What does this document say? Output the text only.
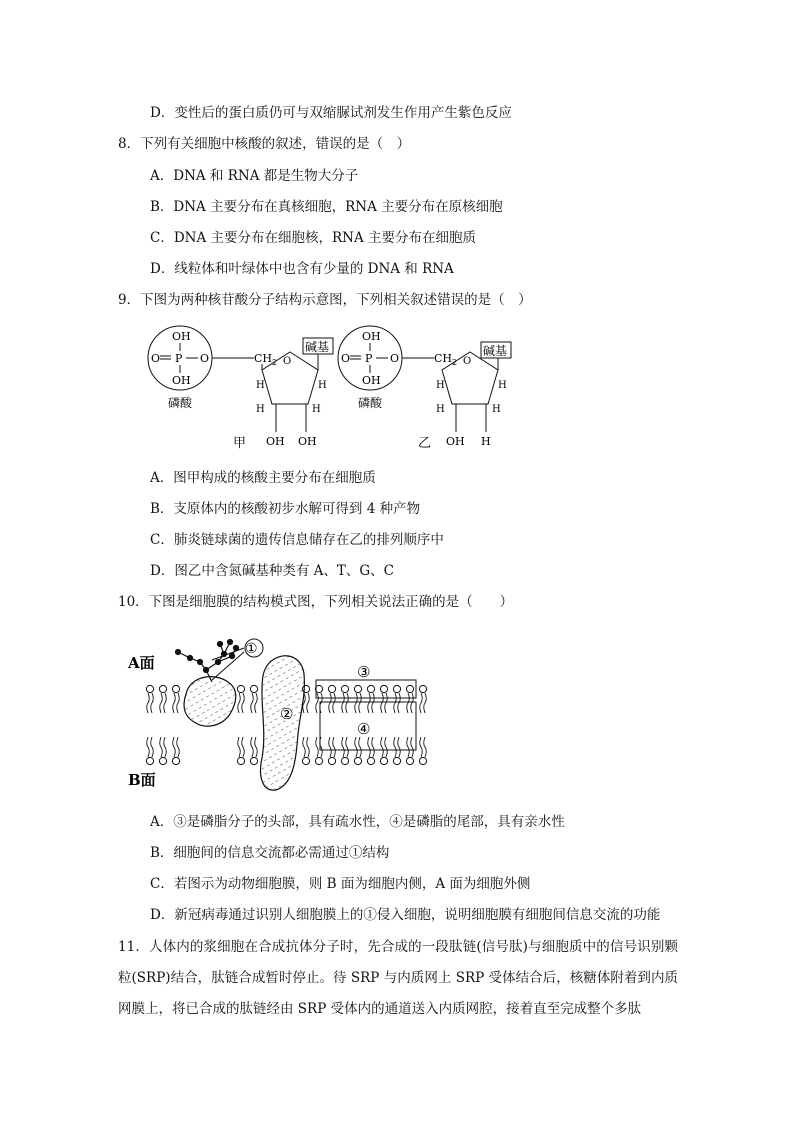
D．变性后的蛋白质仍可与双缩脲试剂发生作用产生紫色反应
8．下列有关细胞中核酸的叙述，错误的是（　）
A．DNA 和 RNA 都是生物大分子
B．DNA 主要分布在真核细胞，RNA 主要分布在原核细胞
C．DNA 主要分布在细胞核，RNA 主要分布在细胞质
D．线粒体和叶绿体中也含有少量的 DNA 和 RNA
9．下图为两种核苷酸分子结构示意图，下列相关叙述错误的是（　）
OH
O P O
OH
磷酸
$CH_2$ O
碱基
H	H
H	H
OH OH
甲
OH
O P O
OH
磷酸
$CH_2$ O
碱基
H	H
H	H
OH H
乙
A．图甲构成的核酸主要分布在细胞质
B．支原体内的核酸初步水解可得到 4 种产物
C．肺炎链球菌的遗传信息储存在乙的排列顺序中
D．图乙中含氮碱基种类有 A、T、G、C
10．下图是细胞膜的结构模式图，下列相关说法正确的是（　　）
A面
B面
①
②
③
④
A．③是磷脂分子的头部，具有疏水性，④是磷脂的尾部，具有亲水性
B．细胞间的信息交流都必需通过①结构
C．若图示为动物细胞膜，则 B 面为细胞内侧，A 面为细胞外侧
D．新冠病毒通过识别人细胞膜上的①侵入细胞，说明细胞膜有细胞间信息交流的功能
11．人体内的浆细胞在合成抗体分子时，先合成的一段肽链(信号肽)与细胞质中的信号识别颗粒(SRP)结合，肽链合成暂时停止。待 SRP 与内质网上 SRP 受体结合后，核糖体附着到内质网膜上，将已合成的肽链经由 SRP 受体内的通道送入内质网腔，接着直至完成整个多肽
